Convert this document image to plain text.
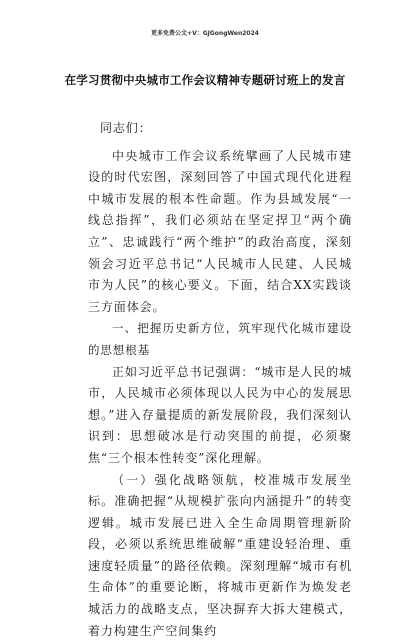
更多免费公文+V：GJGongWen2024
在学习贯彻中央城市工作会议精神专题研讨班上的发言

同志们：

中央城市工作会议系统擘画了人民城市建设的时代宏图，深刻回答了中国式现代化进程中城市发展的根本性命题。作为县域发展“一线总指挥”，我们必须站在坚定捍卫“两个确立”、忠诚践行“两个维护”的政治高度，深刻领会习近平总书记“人民城市人民建、人民城市为人民”的核心要义。下面，结合XX实践谈三方面体会。

一、把握历史新方位，筑牢现代化城市建设的思想根基

正如习近平总书记强调：“城市是人民的城市，人民城市必须体现以人民为中心的发展思想。”进入存量提质的新发展阶段，我们深刻认识到：思想破冰是行动突围的前提，必须聚焦“三个根本性转变”深化理解。

（一）强化战略领航，校准城市发展坐标。准确把握“从规模扩张向内涵提升”的转变逻辑。城市发展已进入全生命周期管理新阶段，必须以系统思维破解“重建设轻治理、重速度轻质量”的路径依赖。深刻理解“城市有机生命体”的重要论断，将城市更新作为焕发老城活力的战略支点，坚决摒弃大拆大建模式，着力构建生产空间集约
